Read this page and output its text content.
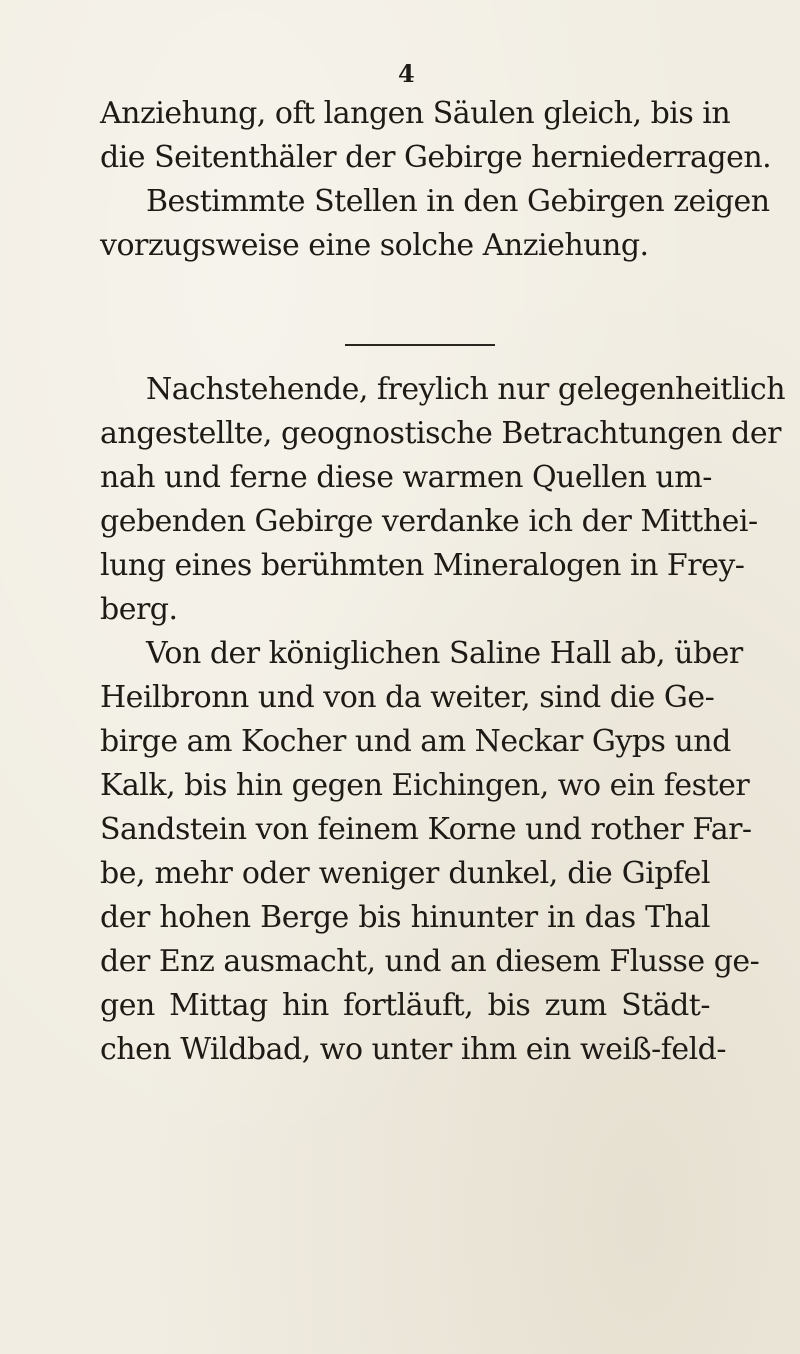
4
Anziehung, oft langen Säulen gleich, bis in
die Seitenthäler der Gebirge herniederragen.
Bestimmte Stellen in den Gebirgen zeigen
vorzugsweise eine solche Anziehung.
Nachstehende, freylich nur gelegenheitlich
angestellte, geognostische Betrachtungen der
nah und ferne diese warmen Quellen um-
gebenden Gebirge verdanke ich der Mitthei-
lung eines berühmten Mineralogen in Frey-
berg.
Von der königlichen Saline Hall ab, über
Heilbronn und von da weiter, sind die Ge-
birge am Kocher und am Neckar Gyps und
Kalk, bis hin gegen Eichingen, wo ein fester
Sandstein von feinem Korne und rother Far-
be, mehr oder weniger dunkel, die Gipfel
der hohen Berge bis hinunter in das Thal
der Enz ausmacht, und an diesem Flusse ge-
gen Mittag hin fortläuft, bis zum Städt-
chen Wildbad, wo unter ihm ein weiß-feld-
